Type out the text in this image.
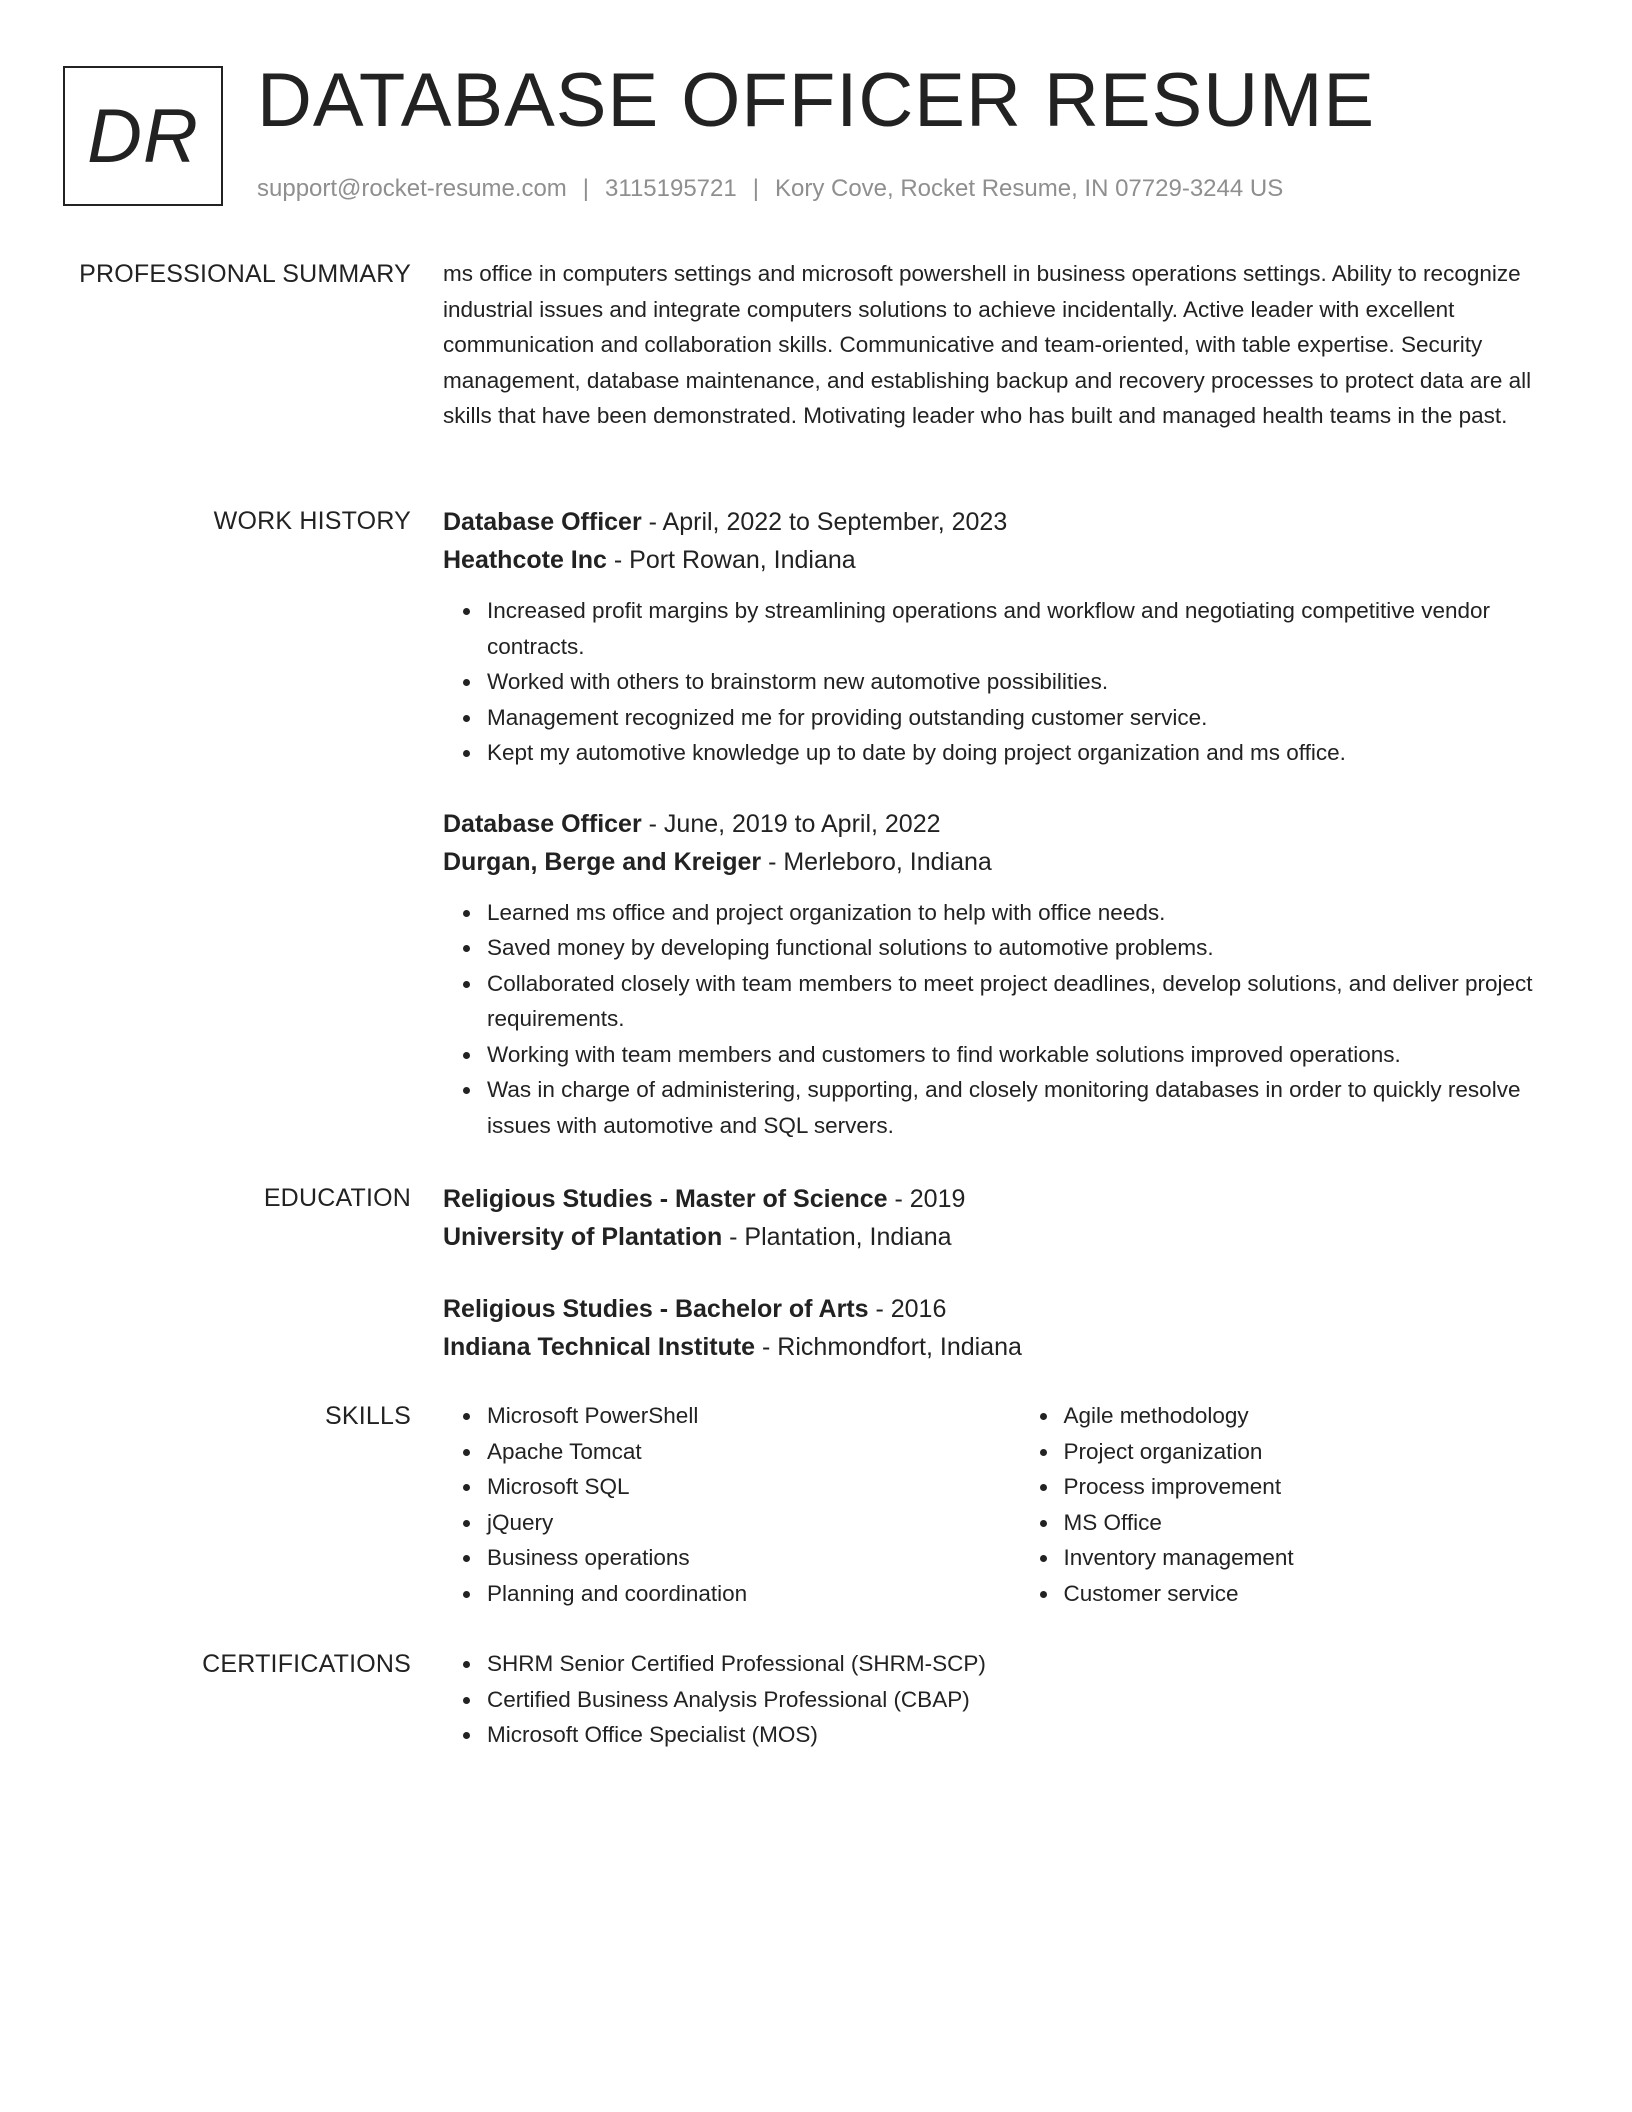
DR DATABASE OFFICER RESUME
support@rocket-resume.com | 3115195721 | Kory Cove, Rocket Resume, IN 07729-3244 US
PROFESSIONAL SUMMARY ms office in computers settings and microsoft powershell in business operations settings. Ability to recognize industrial issues and integrate computers solutions to achieve incidentally. Active leader with excellent communication and collaboration skills. Communicative and team-oriented, with table expertise. Security management, database maintenance, and establishing backup and recovery processes to protect data are all skills that have been demonstrated. Motivating leader who has built and managed health teams in the past.

WORK HISTORY Database Officer - April, 2022 to September, 2023
Heathcote Inc - Port Rowan, Indiana
Increased profit margins by streamlining operations and workflow and negotiating competitive vendor contracts.
Worked with others to brainstorm new automotive possibilities.
Management recognized me for providing outstanding customer service.
Kept my automotive knowledge up to date by doing project organization and ms office.
Database Officer - June, 2019 to April, 2022
Durgan, Berge and Kreiger - Merleboro, Indiana
Learned ms office and project organization to help with office needs.
Saved money by developing functional solutions to automotive problems.
Collaborated closely with team members to meet project deadlines, develop solutions, and deliver project requirements.
Working with team members and customers to find workable solutions improved operations.
Was in charge of administering, supporting, and closely monitoring databases in order to quickly resolve issues with automotive and SQL servers.
EDUCATION Religious Studies - Master of Science - 2019
University of Plantation - Plantation, Indiana
Religious Studies - Bachelor of Arts - 2016
Indiana Technical Institute - Richmondfort, Indiana
SKILLS	Microsoft PowerShell
Apache Tomcat
Microsoft SQL
jQuery
Business operations
Planning and coordination
Agile methodology
Project organization
Process improvement
MS Office
Inventory management
Customer service
CERTIFICATIONS	SHRM Senior Certified Professional (SHRM-SCP)
Certified Business Analysis Professional (CBAP)
Microsoft Office Specialist (MOS)
